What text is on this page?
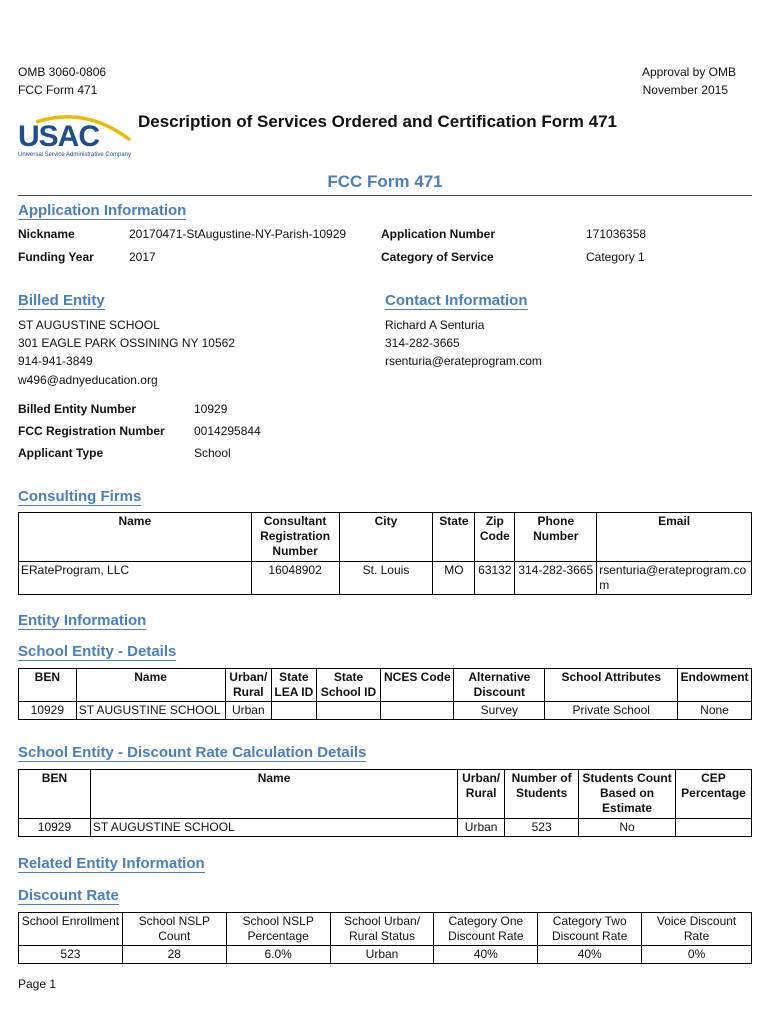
OMB 3060-0806
FCC Form 471
Approval by OMB
November 2015
USAC
Universal Service Administrative Company
Description of Services Ordered and Certification Form 471
FCC Form 471
Application Information
Nickname	20170471-StAugustine-NY-Parish-10929	Application Number	171036358
Funding Year	2017	Category of Service	Category 1
Billed Entity
ST AUGUSTINE SCHOOL
301 EAGLE PARK OSSINING NY 10562
914-941-3849
w496@adnyeducation.org
Billed Entity Number	10929
FCC Registration Number 0014295844
Applicant Type	School
Contact Information
Richard A Senturia
314-282-3665
rsenturia@erateprogram.com
Consulting Firms
Name	Consultant Registration Number	City	State	Zip Code	Phone Number	Email
ERateProgram, LLC	16048902	St. Louis	MO	63132	314-282-3665	rsenturia@erateprogram.com
Entity Information
School Entity - Details
BEN	Name	Urban/ Rural	State LEA ID	State School ID	NCES Code	Alternative Discount	School Attributes	Endowment
10929	ST AUGUSTINE SCHOOL	Urban				Survey	Private School	None
School Entity - Discount Rate Calculation Details
BEN	Name	Urban/ Rural	Number of Students	Students Count Based on Estimate	CEP Percentage
10929	ST AUGUSTINE SCHOOL	Urban	523	No	
Related Entity Information
Discount Rate
School Enrollment	School NSLP Count	School NSLP Percentage	School Urban/ Rural Status	Category One Discount Rate	Category Two Discount Rate	Voice Discount Rate
523	28	6.0%	Urban	40%	40%	0%
Page 1
